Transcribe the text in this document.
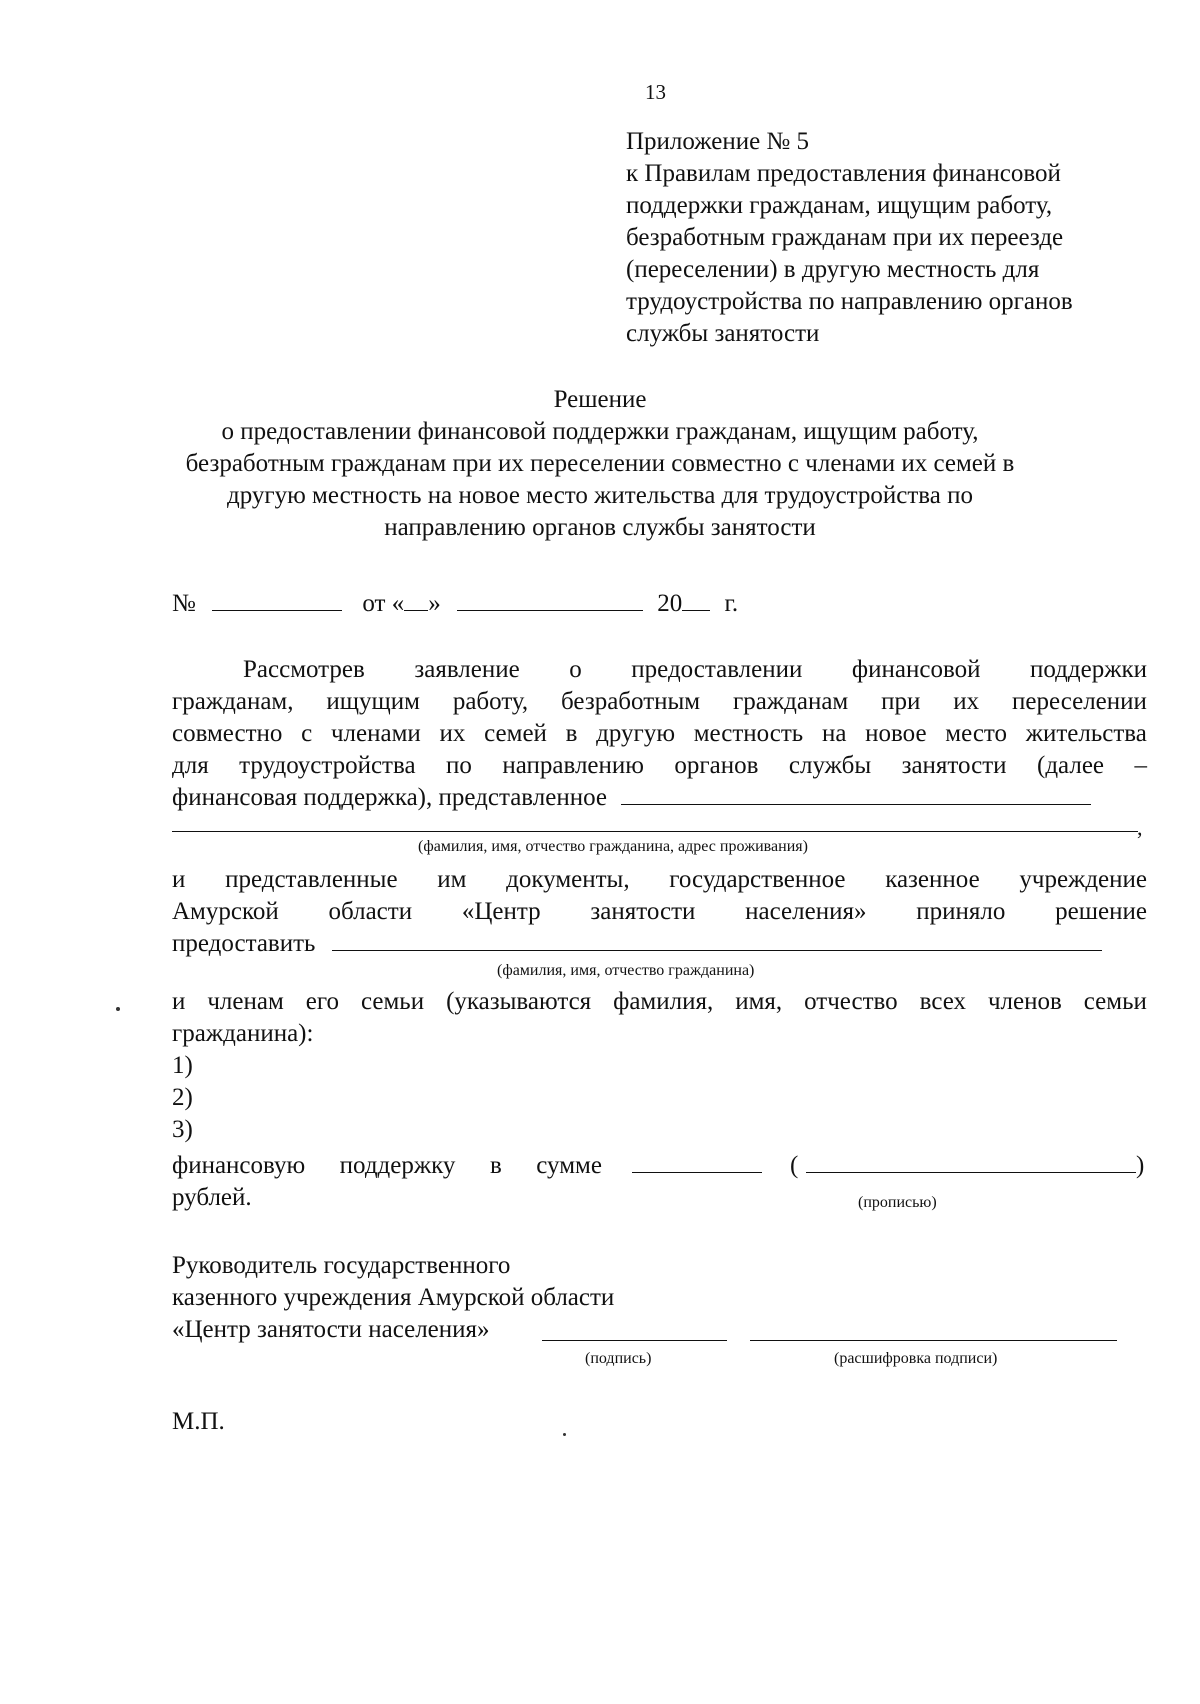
13
Приложение № 5
к Правилам предоставления финансовой
поддержки гражданам, ищущим работу,
безработным гражданам при их переезде
(переселении) в другую местность для
трудоустройства по направлению органов
службы занятости
Решение
о предоставлении финансовой поддержки гражданам, ищущим работу,
безработным гражданам при их переселении совместно с членами их семей в
другую местность на новое место жительства для трудоустройства по
направлению органов службы занятости
№	от « »	20 г.
Рассмотрев заявление о предоставлении финансовой поддержки
гражданам, ищущим работу, безработным гражданам при их переселении
совместно с членами их семей в другую местность на новое место жительства
для трудоустройства по направлению органов службы занятости (далее –
финансовая поддержка), представленное
,
(фамилия, имя, отчество гражданина, адрес проживания)
и представленные им документы, государственное казенное учреждение
Амурской области «Центр занятости населения» приняло решение
предоставить
(фамилия, имя, отчество гражданина)
и членам его семьи (указываются фамилия, имя, отчество всех членов семьи
гражданина):
1)
2)
3)
финансовую поддержку в сумме	(	)
рублей.	(прописью)
Руководитель государственного
казенного учреждения Амурской области
«Центр занятости населения»
(подпись)	(расшифровка подписи)
М.П.
